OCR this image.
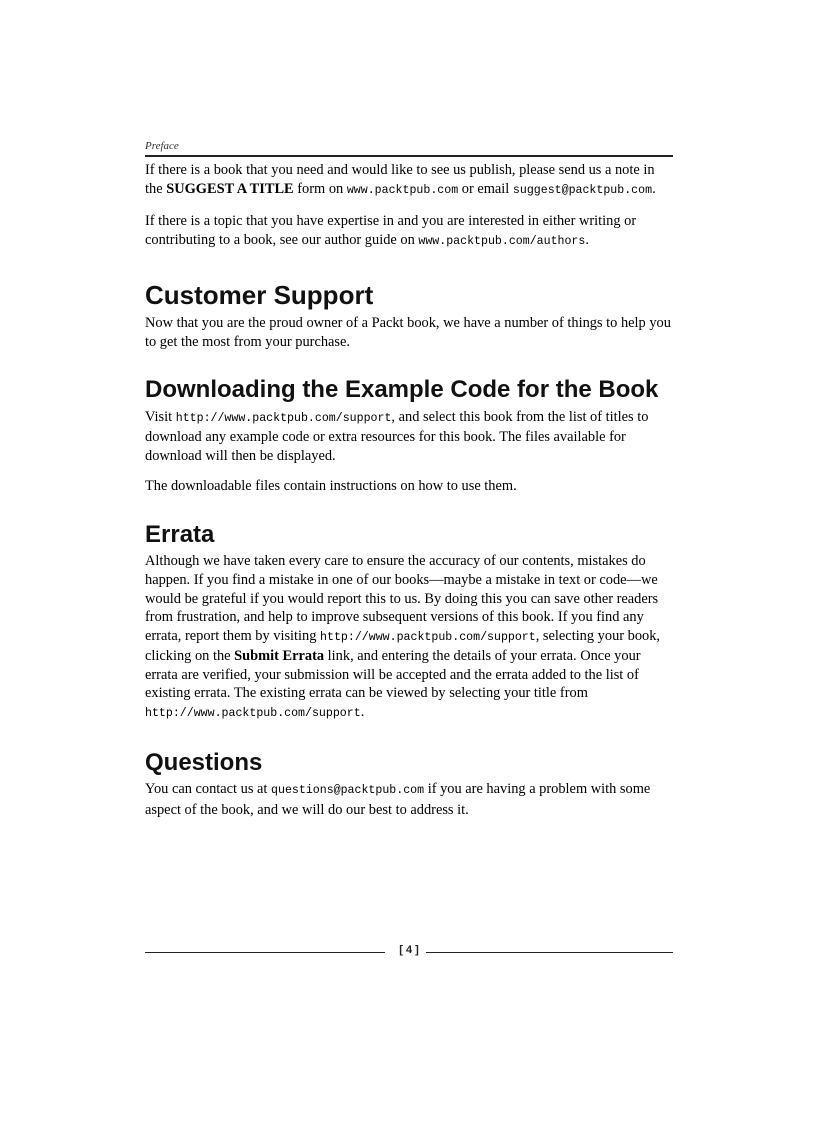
Preface

If there is a book that you need and would like to see us publish, please send us a note in the SUGGEST A TITLE form on www.packtpub.com or email suggest@packtpub.com.

If there is a topic that you have expertise in and you are interested in either writing or contributing to a book, see our author guide on www.packtpub.com/authors.

Customer Support

Now that you are the proud owner of a Packt book, we have a number of things to help you to get the most from your purchase.

Downloading the Example Code for the Book

Visit http://www.packtpub.com/support, and select this book from the list of titles to download any example code or extra resources for this book. The files available for download will then be displayed.

The downloadable files contain instructions on how to use them.

Errata

Although we have taken every care to ensure the accuracy of our contents, mistakes do happen. If you find a mistake in one of our books—maybe a mistake in text or code—we would be grateful if you would report this to us. By doing this you can save other readers from frustration, and help to improve subsequent versions of this book. If you find any errata, report them by visiting http://www.packtpub.com/support, selecting your book, clicking on the Submit Errata link, and entering the details of your errata. Once your errata are verified, your submission will be accepted and the errata added to the list of existing errata. The existing errata can be viewed by selecting your title from http://www.packtpub.com/support.

Questions

You can contact us at questions@packtpub.com if you are having a problem with some aspect of the book, and we will do our best to address it.

[ 4 ]
